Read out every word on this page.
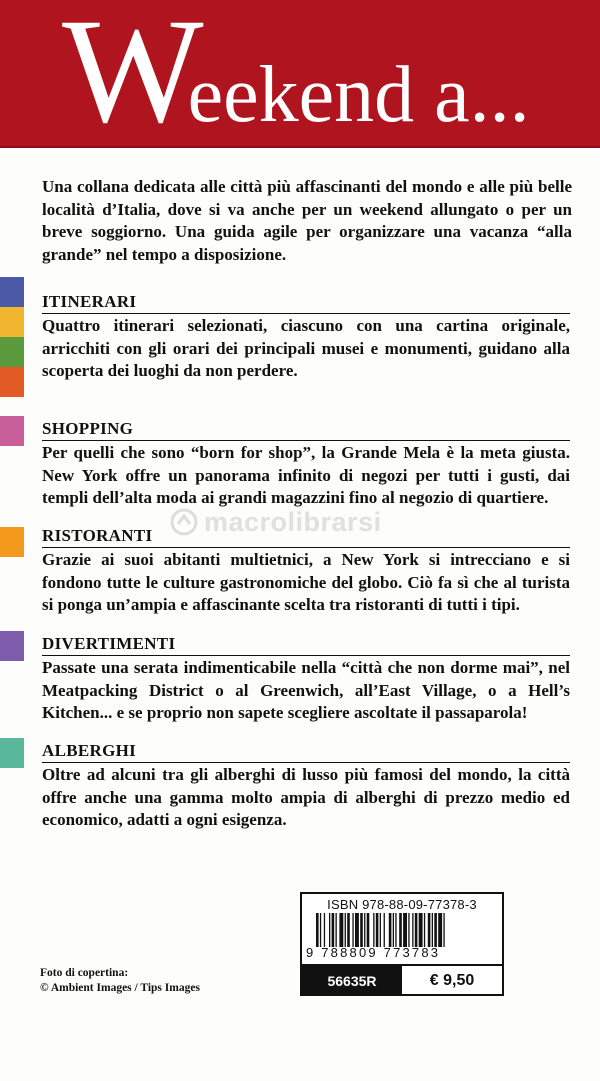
Weekend a...
Una collana dedicata alle città più affascinanti del mondo e alle più belle località d’Italia, dove si va anche per un weekend allungato o per un breve soggiorno. Una guida agile per organizzare una vacanza “alla grande” nel tempo a disposizione.
ITINERARI
Quattro itinerari selezionati, ciascuno con una cartina originale, arricchiti con gli orari dei principali musei e monumenti, guidano alla scoperta dei luoghi da non perdere.
SHOPPING
Per quelli che sono “born for shop”, la Grande Mela è la meta giusta. New York offre un panorama infinito di negozi per tutti i gusti, dai templi dell’alta moda ai grandi magazzini fino al negozio di quartiere.
RISTORANTI
Grazie ai suoi abitanti multietnici, a New York si intrecciano e si fondono tutte le culture gastronomiche del globo. Ciò fa sì che al turista si ponga un’ampia e affascinante scelta tra ristoranti di tutti i tipi.
DIVERTIMENTI
Passate una serata indimenticabile nella “città che non dorme mai”, nel Meatpacking District o al Greenwich, all’East Village, o a Hell’s Kitchen... e se proprio non sapete scegliere ascoltate il passaparola!
ALBERGHI
Oltre ad alcuni tra gli alberghi di lusso più famosi del mondo, la città offre anche una gamma molto ampia di alberghi di prezzo medio ed economico, adatti a ogni esigenza.
macrolibrarsi
ISBN 978-88-09-77378-3
9 788809 773783
56635R	€ 9,50
Foto di copertina:
© Ambient Images / Tips Images
